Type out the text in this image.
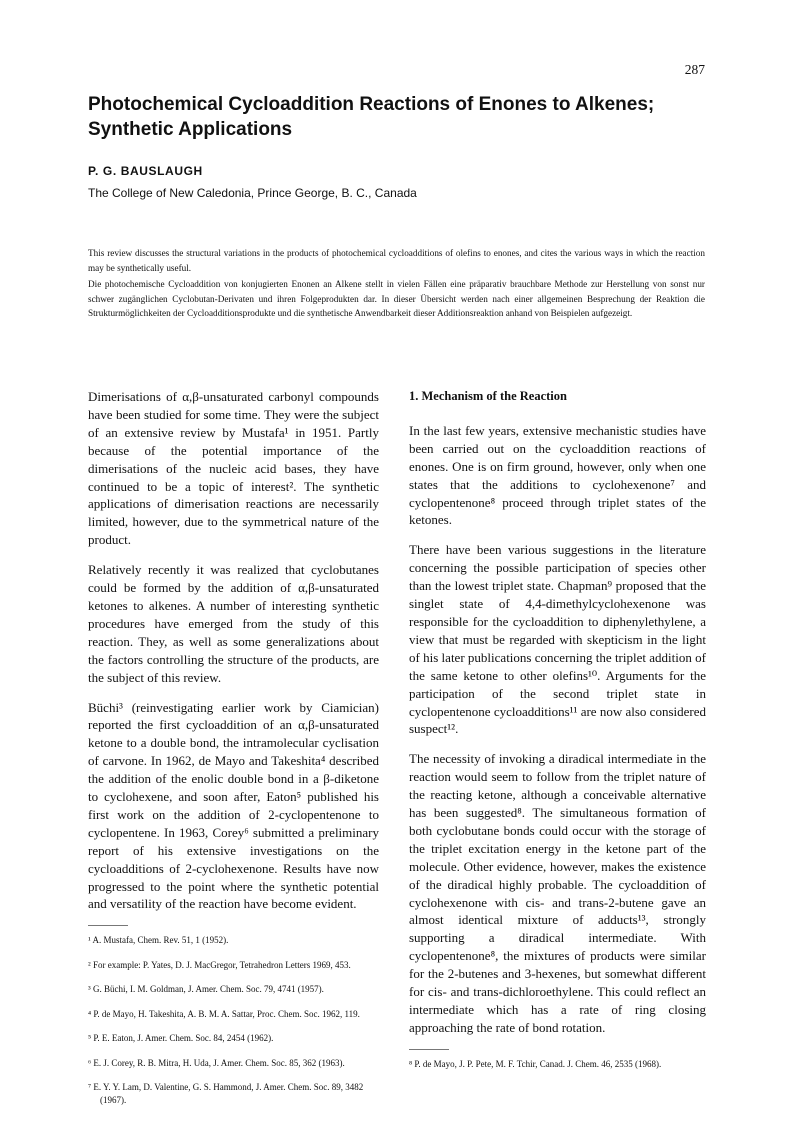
287
Photochemical Cycloaddition Reactions of Enones to Alkenes; Synthetic Applications
P. G. BAUSLAUGH
The College of New Caledonia, Prince George, B. C., Canada

This review discusses the structural variations in the products of photochemical cycloadditions of olefins to enones, and cites the various ways in which the reaction may be synthetically useful.

Die photochemische Cycloaddition von konjugierten Enonen an Alkene stellt in vielen Fällen eine präparativ brauchbare Methode zur Herstellung von sonst nur schwer zugänglichen Cyclobutan-Derivaten und ihren Folgeprodukten dar. In dieser Übersicht werden nach einer allgemeinen Besprechung der Reaktion die Strukturmöglichkeiten der Cycloadditionsprodukte und die synthetische Anwendbarkeit dieser Additionsreaktion anhand von Beispielen aufgezeigt.

Dimerisations of α,β-unsaturated carbonyl compounds have been studied for some time. They were the subject of an extensive review by Mustafa¹ in 1951. Partly because of the potential importance of the dimerisations of the nucleic acid bases, they have continued to be a topic of interest². The synthetic applications of dimerisation reactions are necessarily limited, however, due to the symmetrical nature of the product.

Relatively recently it was realized that cyclobutanes could be formed by the addition of α,β-unsaturated ketones to alkenes. A number of interesting synthetic procedures have emerged from the study of this reaction. They, as well as some generalizations about the factors controlling the structure of the products, are the subject of this review.

Büchi³ (reinvestigating earlier work by Ciamician) reported the first cycloaddition of an α,β-unsaturated ketone to a double bond, the intramolecular cyclisation of carvone. In 1962, de Mayo and Takeshita⁴ described the addition of the enolic double bond in a β-diketone to cyclohexene, and soon after, Eaton⁵ published his first work on the addition of 2-cyclopentenone to cyclopentene. In 1963, Corey⁶ submitted a preliminary report of his extensive investigations on the cycloadditions of 2-cyclohexenone. Results have now progressed to the point where the synthetic potential and versatility of the reaction have become evident.

¹ A. Mustafa, Chem. Rev. 51, 1 (1952).

² For example: P. Yates, D. J. MacGregor, Tetrahedron Letters 1969, 453.

³ G. Büchi, I. M. Goldman, J. Amer. Chem. Soc. 79, 4741 (1957).

⁴ P. de Mayo, H. Takeshita, A. B. M. A. Sattar, Proc. Chem. Soc. 1962, 119.

⁵ P. E. Eaton, J. Amer. Chem. Soc. 84, 2454 (1962).

⁶ E. J. Corey, R. B. Mitra, H. Uda, J. Amer. Chem. Soc. 85, 362 (1963).

⁷ E. Y. Y. Lam, D. Valentine, G. S. Hammond, J. Amer. Chem. Soc. 89, 3482 (1967).

1. Mechanism of the Reaction

In the last few years, extensive mechanistic studies have been carried out on the cycloaddition reactions of enones. One is on firm ground, however, only when one states that the additions to cyclohexenone⁷ and cyclopentenone⁸ proceed through triplet states of the ketones.

There have been various suggestions in the literature concerning the possible participation of species other than the lowest triplet state. Chapman⁹ proposed that the singlet state of 4,4-dimethylcyclohexenone was responsible for the cycloaddition to diphenylethylene, a view that must be regarded with skepticism in the light of his later publications concerning the triplet addition of the same ketone to other olefins¹⁰. Arguments for the participation of the second triplet state in cyclopentenone cycloadditions¹¹ are now also considered suspect¹².

The necessity of invoking a diradical intermediate in the reaction would seem to follow from the triplet nature of the reacting ketone, although a conceivable alternative has been suggested⁸. The simultaneous formation of both cyclobutane bonds could occur with the storage of the triplet excitation energy in the ketone part of the molecule. Other evidence, however, makes the existence of the diradical highly probable. The cycloaddition of cyclohexenone with cis- and trans-2-butene gave an almost identical mixture of adducts¹³, strongly supporting a diradical intermediate. With cyclopentenone⁸, the mixtures of products were similar for the 2-butenes and 3-hexenes, but somewhat different for cis- and trans-dichloroethylene. This could reflect an intermediate which has a rate of ring closing approaching the rate of bond rotation.

⁸ P. de Mayo, J. P. Pete, M. F. Tchir, Canad. J. Chem. 46, 2535 (1968).
